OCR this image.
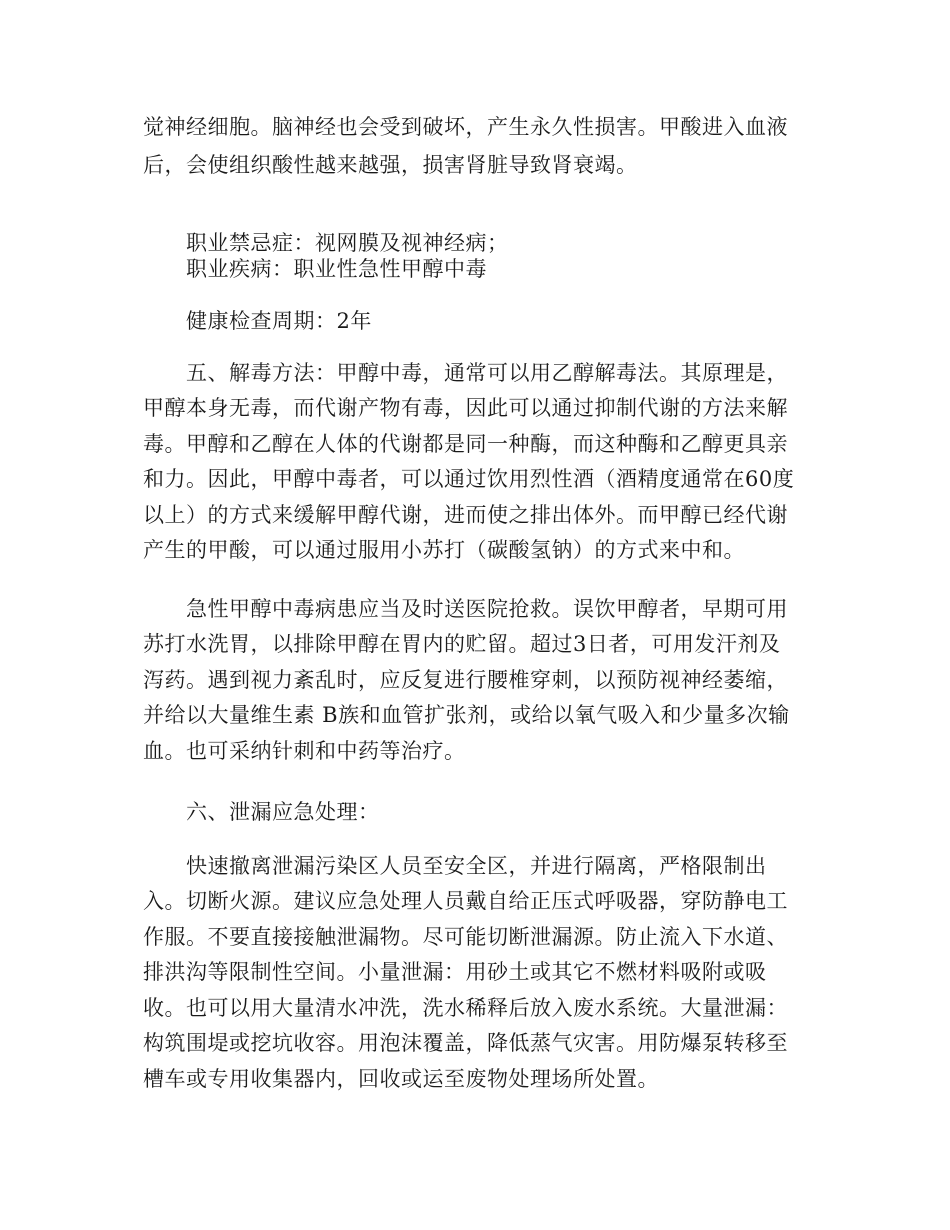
觉神经细胞。脑神经也会受到破坏，产生永久性损害。甲酸进入血液
后，会使组织酸性越来越强，损害肾脏导致肾衰竭。
职业禁忌症：视网膜及视神经病；
职业疾病：职业性急性甲醇中毒
健康检查周期：2年
五、解毒方法：甲醇中毒，通常可以用乙醇解毒法。其原理是，
甲醇本身无毒，而代谢产物有毒，因此可以通过抑制代谢的方法来解
毒。甲醇和乙醇在人体的代谢都是同一种酶，而这种酶和乙醇更具亲
和力。因此，甲醇中毒者，可以通过饮用烈性酒（酒精度通常在60度
以上）的方式来缓解甲醇代谢，进而使之排出体外。而甲醇已经代谢
产生的甲酸，可以通过服用小苏打（碳酸氢钠）的方式来中和。
急性甲醇中毒病患应当及时送医院抢救。误饮甲醇者，早期可用
苏打水洗胃，以排除甲醇在胃内的贮留。超过3日者，可用发汗剂及
泻药。遇到视力紊乱时，应反复进行腰椎穿刺，以预防视神经萎缩，
并给以大量维生素 B族和血管扩张剂，或给以氧气吸入和少量多次输
血。也可采纳针刺和中药等治疗。
六、泄漏应急处理：
快速撤离泄漏污染区人员至安全区，并进行隔离，严格限制出
入。切断火源。建议应急处理人员戴自给正压式呼吸器，穿防静电工
作服。不要直接接触泄漏物。尽可能切断泄漏源。防止流入下水道、
排洪沟等限制性空间。小量泄漏：用砂土或其它不燃材料吸附或吸
收。也可以用大量清水冲洗，洗水稀释后放入废水系统。大量泄漏：
构筑围堤或挖坑收容。用泡沫覆盖，降低蒸气灾害。用防爆泵转移至
槽车或专用收集器内，回收或运至废物处理场所处置。
